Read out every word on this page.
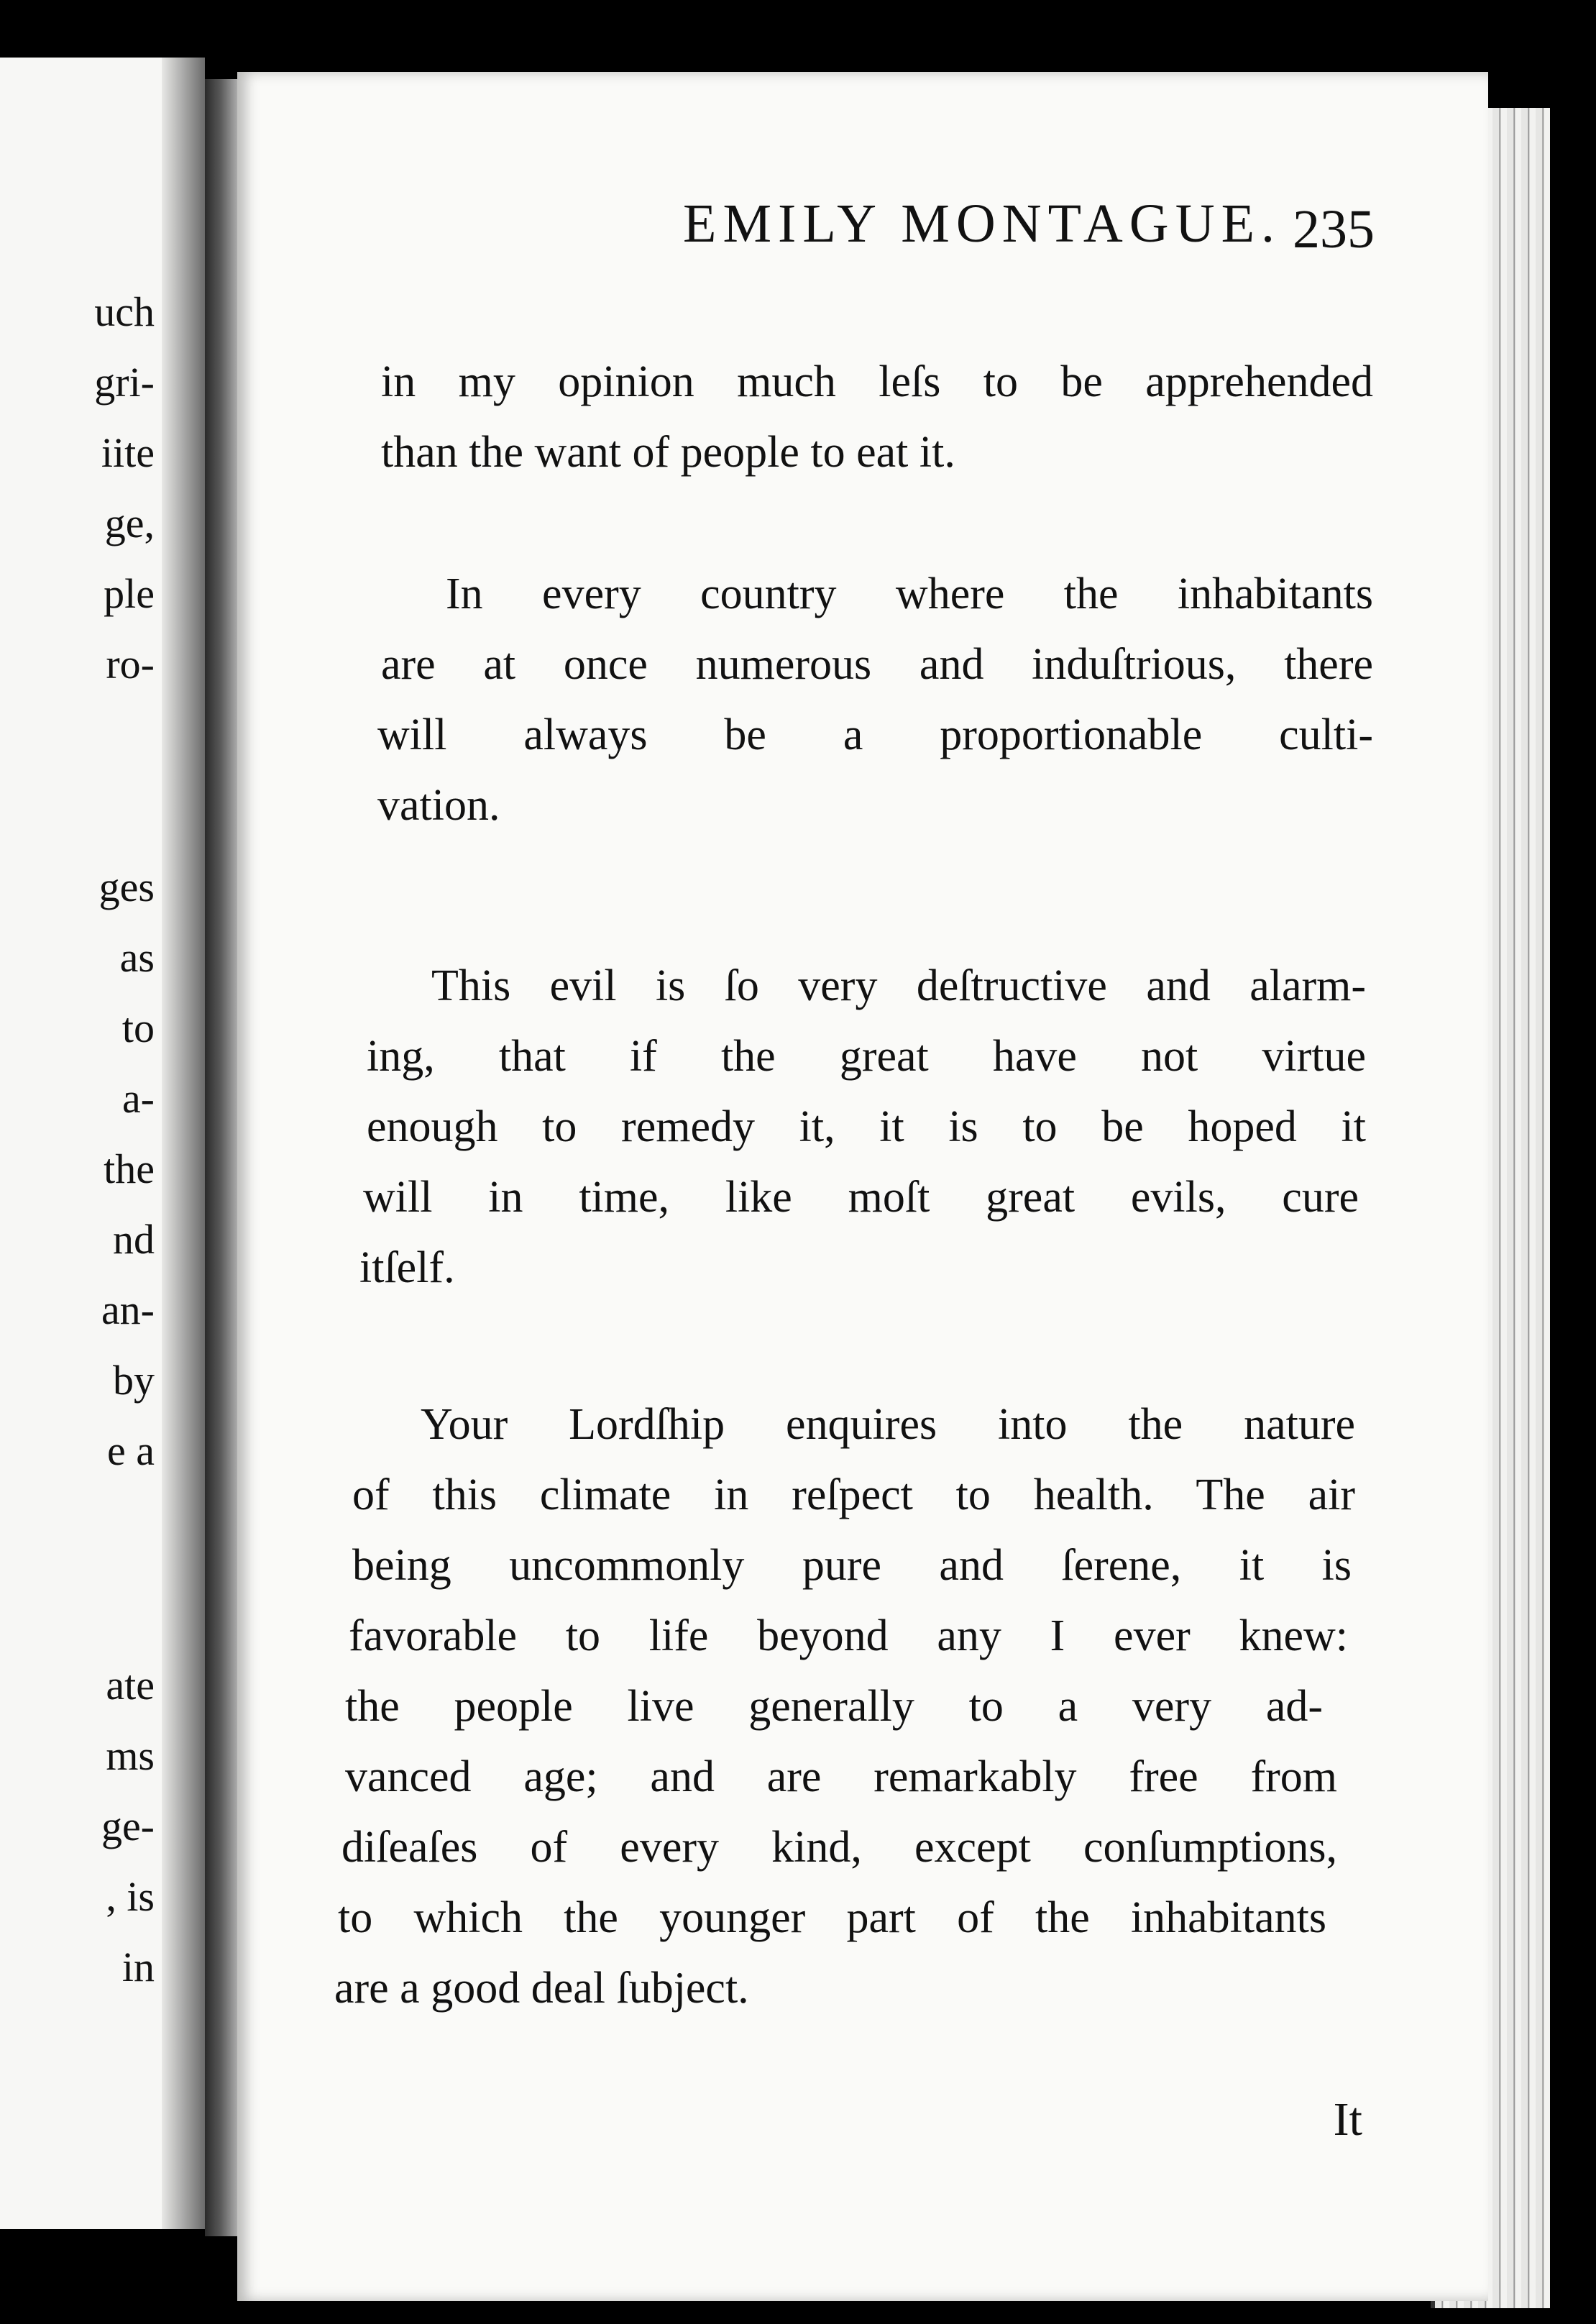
uch
gri-
iite
ge,
ple
ro-
ges
as
to
a-
the
nd
an-
by
e a
ate
ms
ge-
, is
in
EMILY MONTAGUE. 235
in my opinion much leſs to be apprehended
than the want of people to eat it.
In every country where the inhabitants
are at once numerous and induſtrious, there
will always be a proportionable culti-
vation.
This evil is ſo very deſtructive and alarm-
ing, that if the great have not virtue
enough to remedy it, it is to be hoped it
will in time, like moſt great evils, cure
itſelf.
Your Lordſhip enquires into the nature
of this climate in reſpect to health. The air
being uncommonly pure and ſerene, it is
favorable to life beyond any I ever knew:
the people live generally to a very ad-
vanced age; and are remarkably free from
diſeaſes of every kind, except conſumptions,
to which the younger part of the inhabitants
are a good deal ſubject.
It
